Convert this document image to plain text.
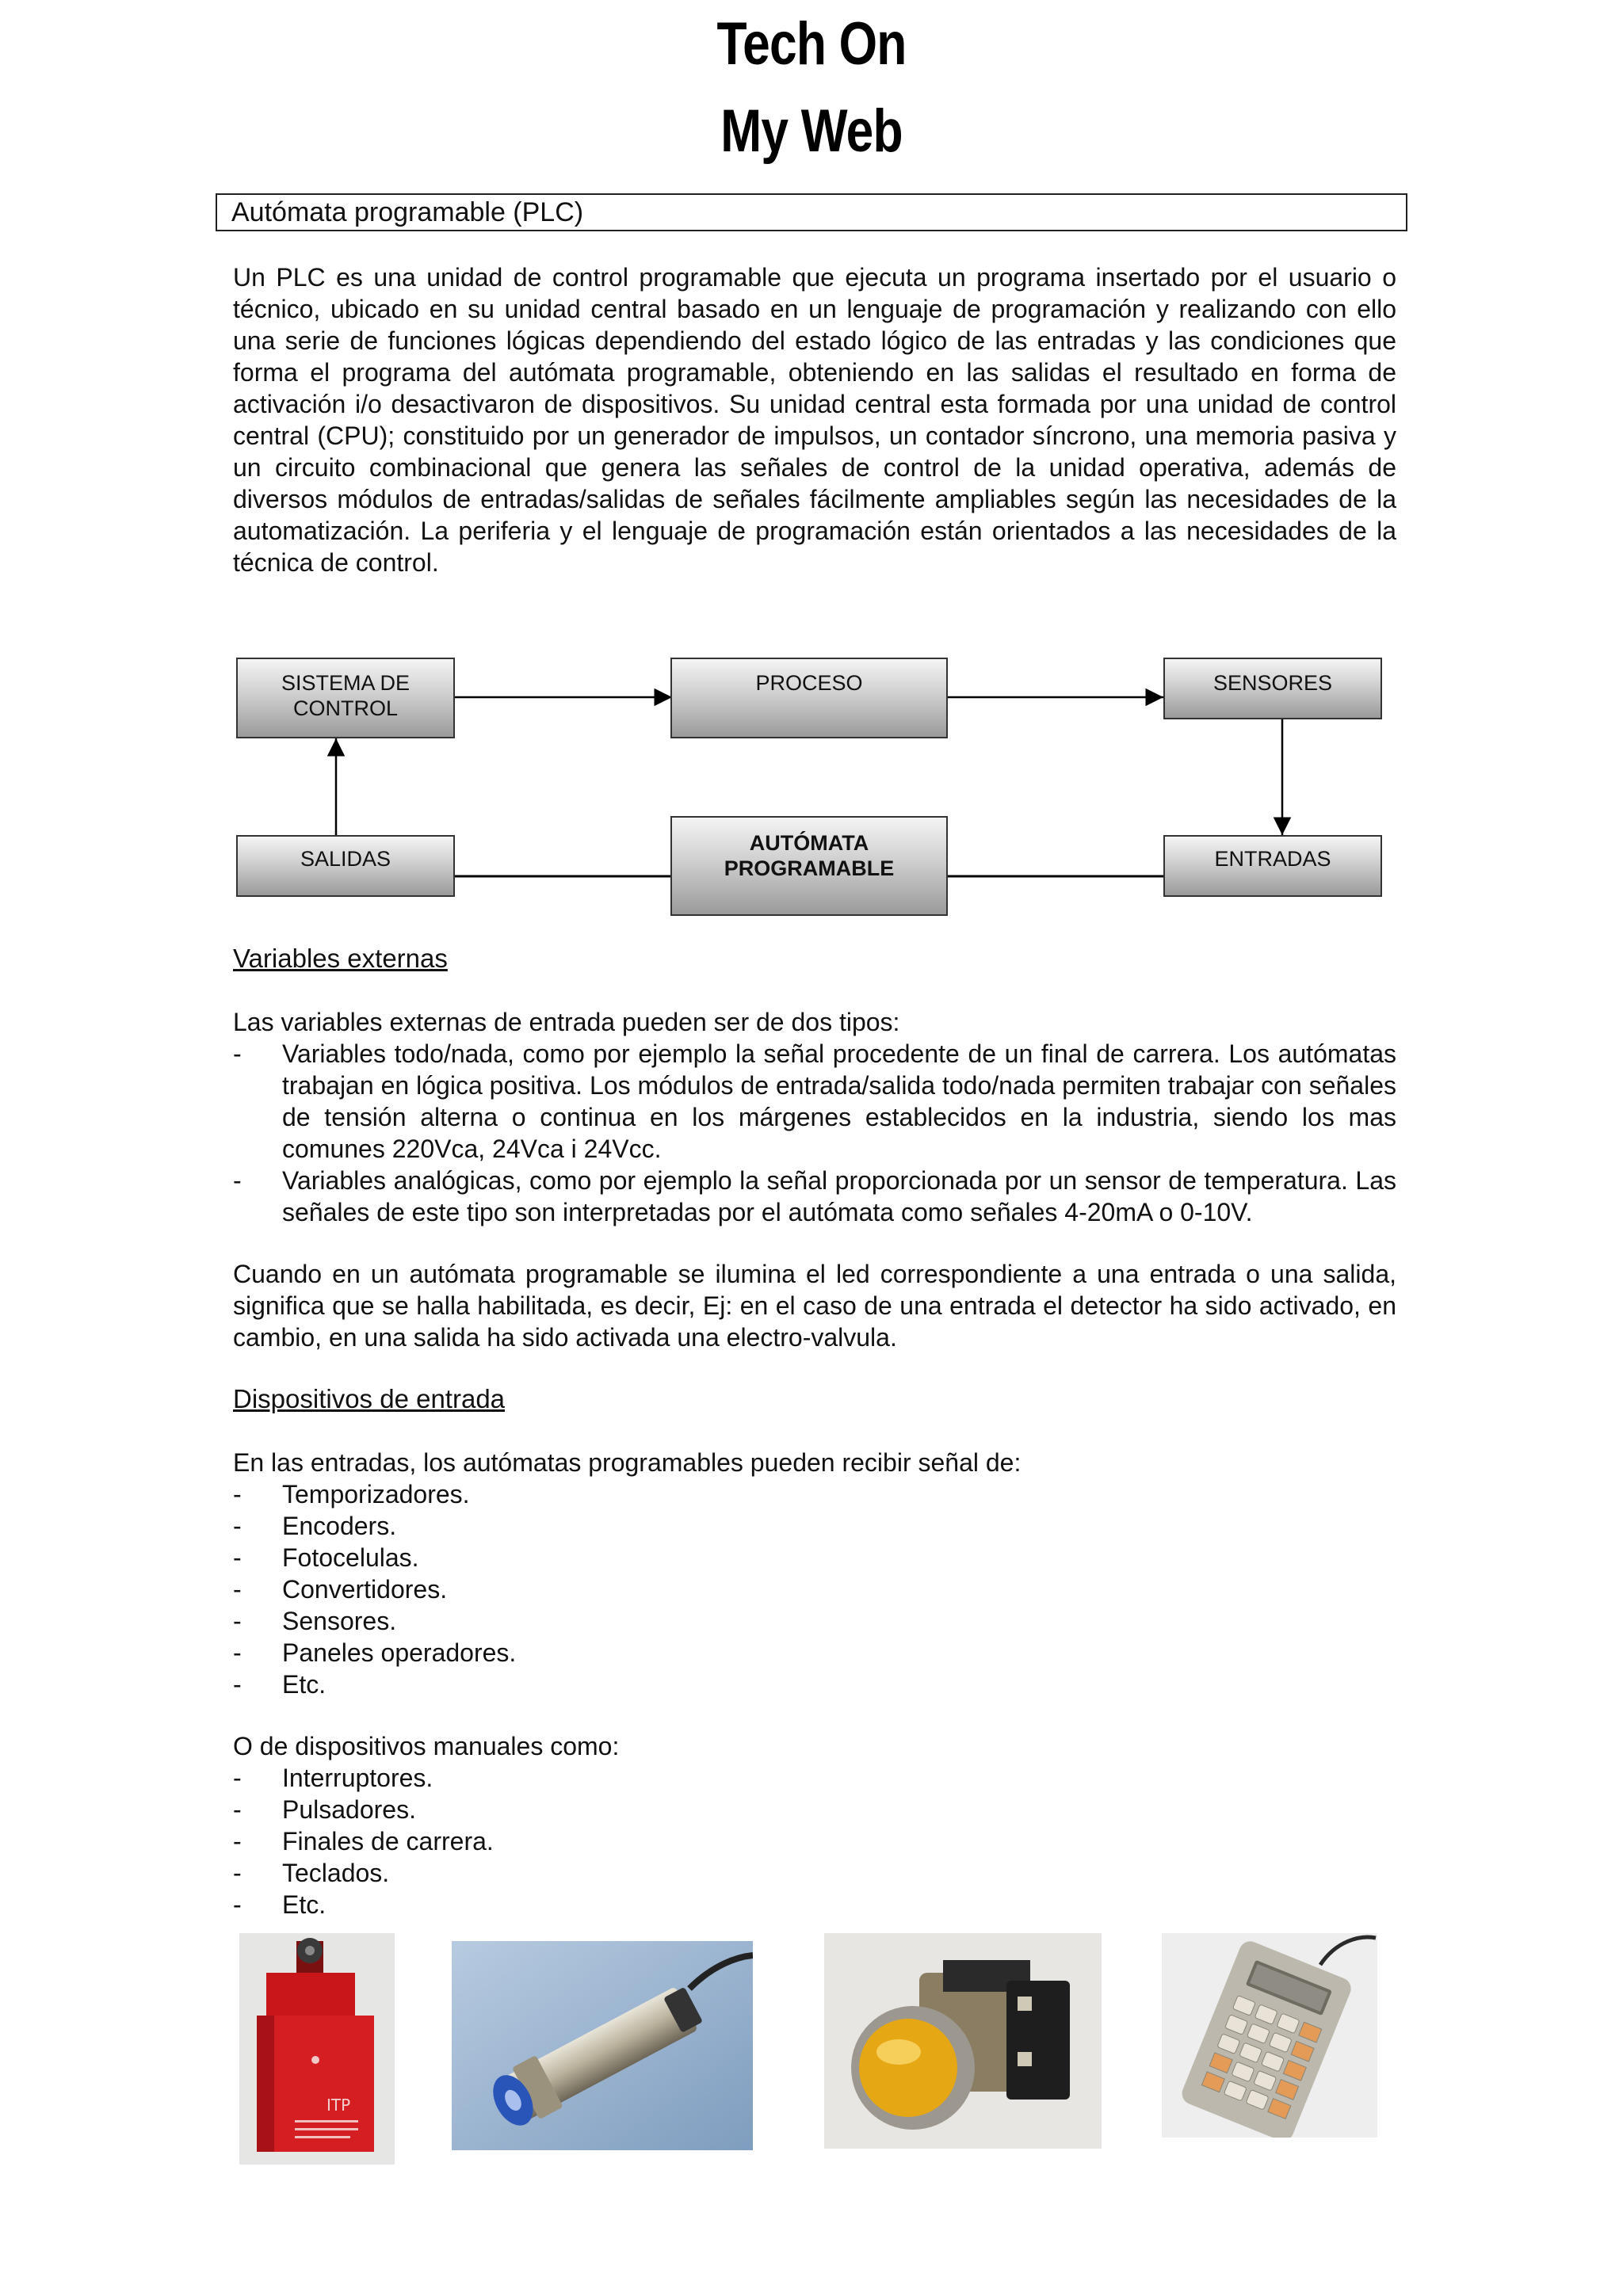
Tech On
My Web
Autómata programable (PLC)

Un PLC es una unidad de control programable que ejecuta un programa insertado por el usuario o técnico, ubicado en su unidad central basado en un lenguaje de programación y realizando con ello una serie de funciones lógicas dependiendo del estado lógico de las entradas y las condiciones que forma el programa del autómata programable, obteniendo en las salidas el resultado en forma de activación i/o desactivaron de dispositivos. Su unidad central esta formada por una unidad de control central (CPU); constituido por un generador de impulsos, un contador síncrono, una memoria pasiva y un circuito combinacional que genera las señales de control de la unidad operativa, además de diversos módulos de entradas/salidas de señales fácilmente ampliables según las necesidades de la automatización. La periferia y el lenguaje de programación están orientados a las necesidades de la técnica de control.

SISTEMA DE
CONTROL
PROCESO	SENSORES
SALIDAS
AUTÓMATA
PROGRAMABLE	ENTRADAS
Variables externas
Las variables externas de entrada pueden ser de dos tipos:
- Variables todo/nada, como por ejemplo la señal procedente de un final de carrera. Los autómatas trabajan en lógica positiva. Los módulos de entrada/salida todo/nada permiten trabajar con señales de tensión alterna o continua en los márgenes establecidos en la industria, siendo los mas comunes 220Vca, 24Vca i 24Vcc.
- Variables analógicas, como por ejemplo la señal proporcionada por un sensor de temperatura. Las señales de este tipo son interpretadas por el autómata como señales 4-20mA o 0-10V.

Cuando en un autómata programable se ilumina el led correspondiente a una entrada o una salida, significa que se halla habilitada, es decir, Ej: en el caso de una entrada el detector ha sido activado, en cambio, en una salida ha sido activada una electro-valvula.

Dispositivos de entrada
En las entradas, los autómatas programables pueden recibir señal de:
- Temporizadores.
- Encoders.
- Fotocelulas.
- Convertidores.
- Sensores.
- Paneles operadores.
- Etc.
O de dispositivos manuales como:
- Interruptores.
- Pulsadores.
- Finales de carrera.
- Teclados.
- Etc.
ITP
